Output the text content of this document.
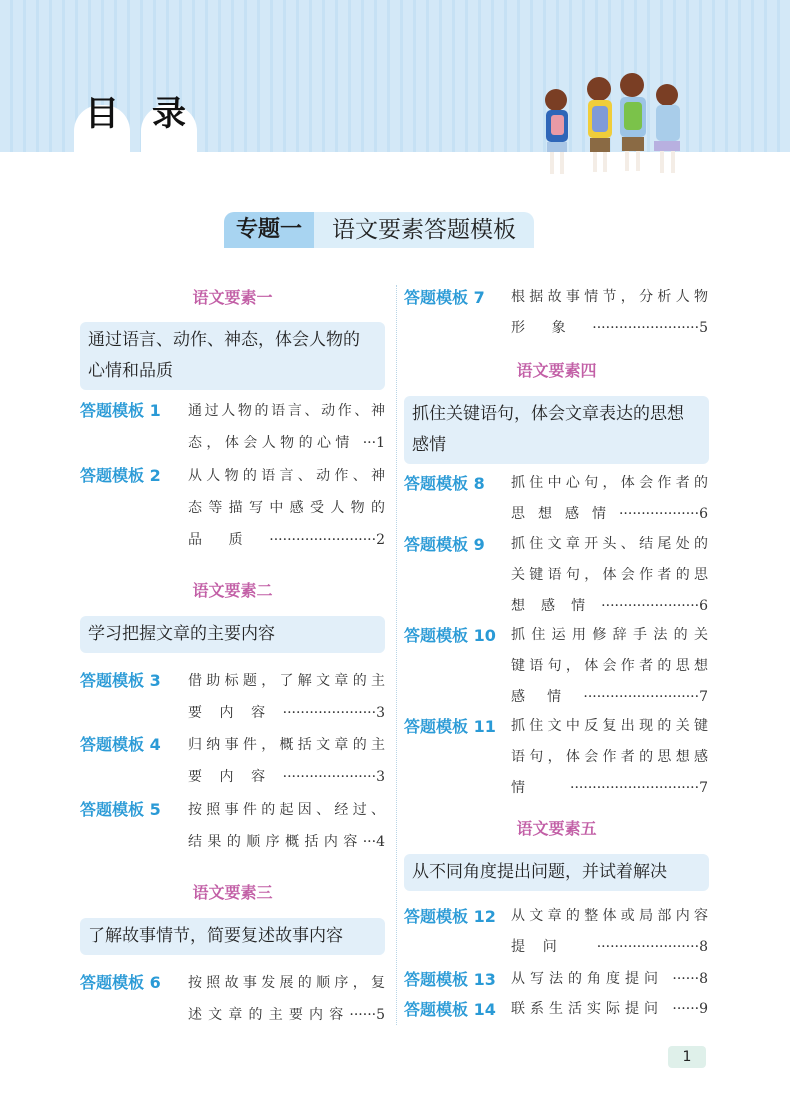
目 录
专题一	语文要素答题模板
语文要素一
通过语言、动作、神态，体会人物的
心情和品质
答题模板 1 通过人物的语言、动作、神
态，体会人物的心情 ···1
答题模板 2 从人物的语言、动作、神
态等描写中感受人物的
品质························2
语文要素二
学习把握文章的主要内容
答题模板 3 借助标题，了解文章的主
要内容·····················3
答题模板 4 归纳事件，概括文章的主
要内容·····················3
答题模板 5 按照事件的起因、经过、
结果的顺序概括内容···4
语文要素三
了解故事情节，简要复述故事内容
答题模板 6 按照故事发展的顺序，复
述文章的主要内容······5
答题模板 7 根据故事情节，分析人物
形象························5
语文要素四
抓住关键语句，体会文章表达的思想
感情
答题模板 8 抓住中心句，体会作者的
思想感情··················6
答题模板 9 抓住文章开头、结尾处的
关键语句，体会作者的思
想感情······················6
答题模板 10 抓住运用修辞手法的关
键语句，体会作者的思想
感情··························7
答题模板 11 抓住文中反复出现的关键
语句，体会作者的思想感
情·····························7
语文要素五
从不同角度提出问题，并试着解决
答题模板 12 从文章的整体或局部内容
提问 ·······················8
答题模板 13 从写法的角度提问 ······8
答题模板 14 联系生活实际提问 ······9
1
